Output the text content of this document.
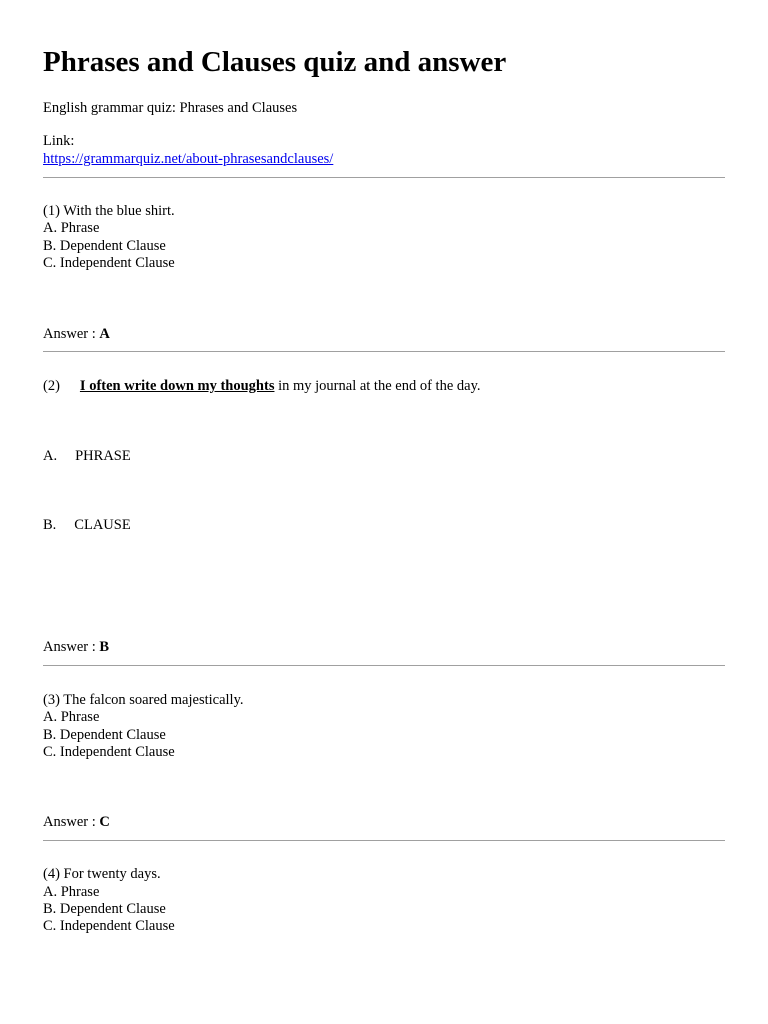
Phrases and Clauses quiz and answer
English grammar quiz: Phrases and Clauses
Link:
https://grammarquiz.net/about-phrasesandclauses/
(1) With the blue shirt.
A. Phrase
B. Dependent Clause
C. Independent Clause
Answer : A
(2) I often write down my thoughts in my journal at the end of the day.
A. PHRASE
B. CLAUSE
Answer : B
(3) The falcon soared majestically.
A. Phrase
B. Dependent Clause
C. Independent Clause
Answer : C
(4) For twenty days.
A. Phrase
B. Dependent Clause
C. Independent Clause
